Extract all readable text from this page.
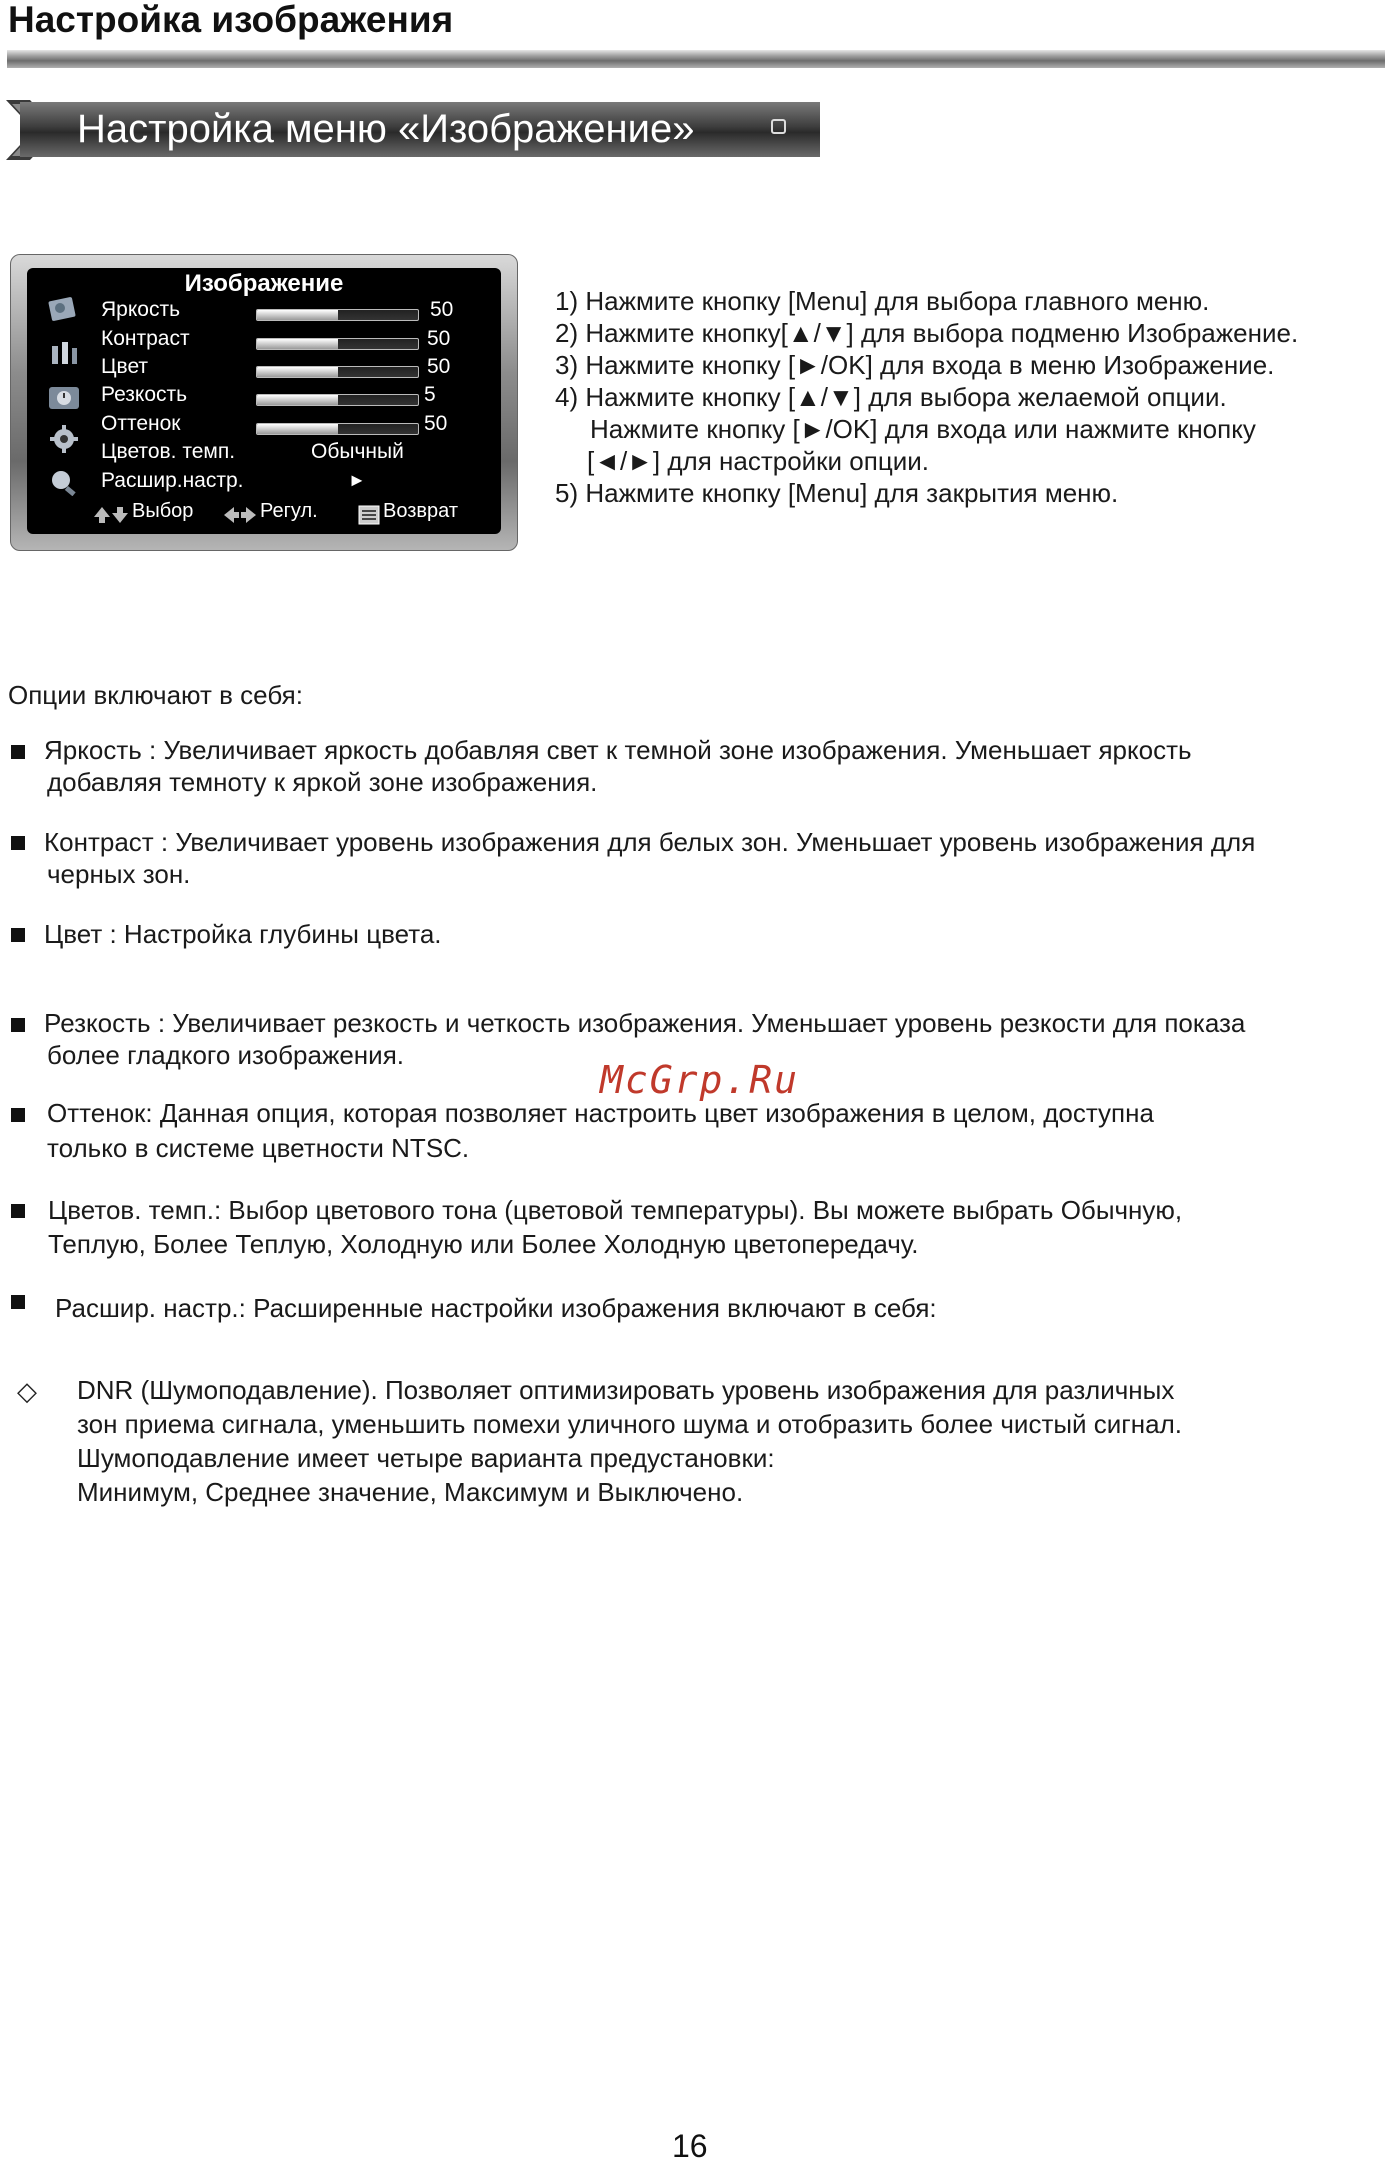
Настройка изображения
Настройка меню «Изображение»
Изображение
Яркость	50
Контраст	50
Цвет	50
Резкость	5
Оттенок	50
Цветов. темп.	Обычный
Расшир.настр.	►
Выбор	Регул.	Возврат
1) Нажмите кнопку [Menu] для выбора главного меню.
2) Нажмите кнопку[▲/▼] для выбора подменю Изображение.
3) Нажмите кнопку [►/OK] для входа в меню Изображение.
4) Нажмите кнопку [▲/▼] для выбора желаемой опции.
Нажмите кнопку [►/OK] для входа или нажмите кнопку
[◄/►] для настройки опции.
5) Нажмите кнопку [Menu] для закрытия меню.
Опции включают в себя:
Яркость : Увеличивает яркость добавляя свет к темной зоне изображения. Уменьшает яркость
добавляя темноту к яркой зоне изображения.
Контраст : Увеличивает уровень изображения для белых зон. Уменьшает уровень изображения для
черных зон.
Цвет : Настройка глубины цвета.
Резкость : Увеличивает резкость и четкость изображения. Уменьшает уровень резкости для показа
более гладкого изображения.
McGrp.Ru
Оттенок: Данная опция, которая позволяет настроить цвет изображения в целом, доступна
только в системе цветности NTSC.
Цветов. темп.: Выбор цветового тона (цветовой температуры). Вы можете выбрать Обычную,
Теплую, Более Теплую, Холодную или Более Холодную цветопередачу.
Расшир. настр.: Расширенные настройки изображения включают в себя:
◇ DNR (Шумоподавление). Позволяет оптимизировать уровень изображения для различных
зон приема сигнала, уменьшить помехи уличного шума и отобразить более чистый сигнал.
Шумоподавление имеет четыре варианта предустановки:
Минимум, Среднее значение, Максимум и Выключено.
16
